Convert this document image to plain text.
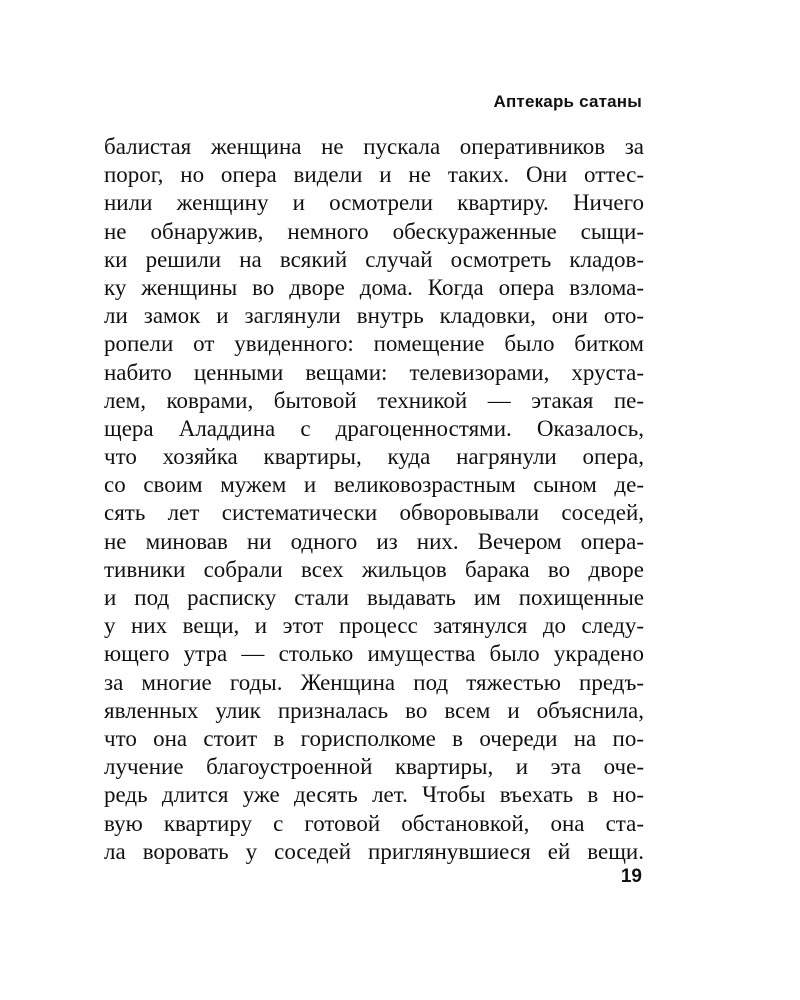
Аптекарь сатаны
балистая женщина не пускала оперативников за
порог, но опера видели и не таких. Они оттес-
нили женщину и осмотрели квартиру. Ничего
не обнаружив, немного обескураженные сыщи-
ки решили на всякий случай осмотреть кладов-
ку женщины во дворе дома. Когда опера взлома-
ли замок и заглянули внутрь кладовки, они ото-
ропели от увиденного: помещение было битком
набито ценными вещами: телевизорами, хруста-
лем, коврами, бытовой техникой — этакая пе-
щера Аладдина с драгоценностями. Оказалось,
что хозяйка квартиры, куда нагрянули опера,
со своим мужем и великовозрастным сыном де-
сять лет систематически обворовывали соседей,
не миновав ни одного из них. Вечером опера-
тивники собрали всех жильцов барака во дворе
и под расписку стали выдавать им похищенные
у них вещи, и этот процесс затянулся до следу-
ющего утра — столько имущества было украдено
за многие годы. Женщина под тяжестью предъ-
явленных улик призналась во всем и объяснила,
что она стоит в горисполкоме в очереди на по-
лучение благоустроенной квартиры, и эта оче-
редь длится уже десять лет. Чтобы въехать в но-
вую квартиру с готовой обстановкой, она ста-
ла воровать у соседей приглянувшиеся ей вещи.
19
